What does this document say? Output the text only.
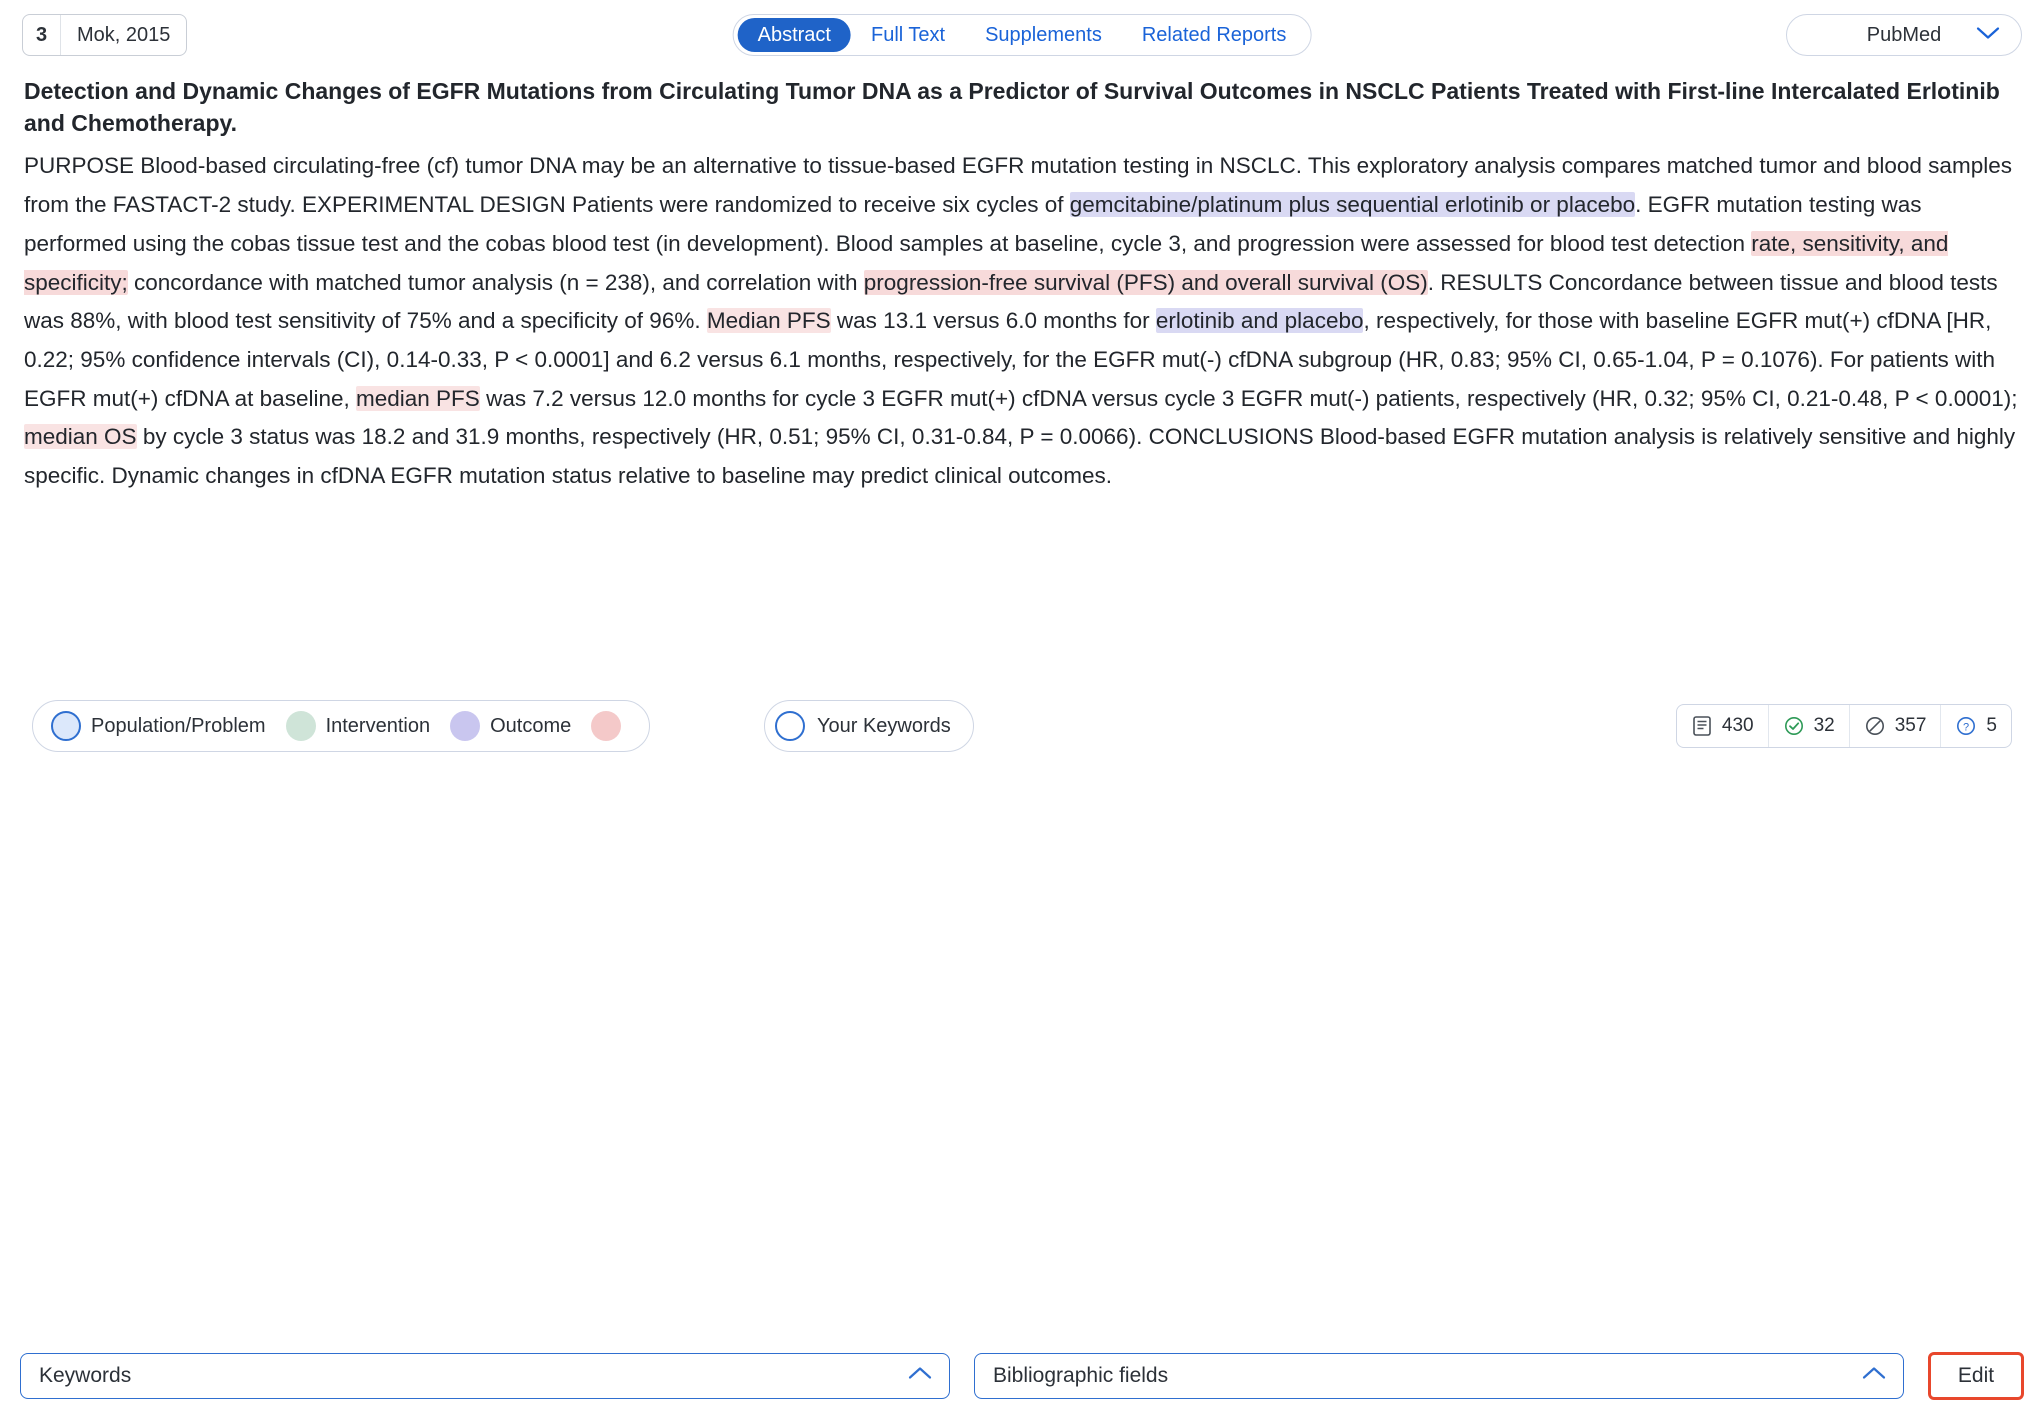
3	Mok, 2015	Abstract	Full Text	Supplements	Related Reports	PubMed
Detection and Dynamic Changes of EGFR Mutations from Circulating Tumor DNA as a Predictor of Survival Outcomes in NSCLC Patients Treated with First-line Intercalated Erlotinib and Chemotherapy.

PURPOSE Blood-based circulating-free (cf) tumor DNA may be an alternative to tissue-based EGFR mutation testing in NSCLC. This exploratory analysis compares matched tumor and blood samples from the FASTACT-2 study. EXPERIMENTAL DESIGN Patients were randomized to receive six cycles of gemcitabine/platinum plus sequential erlotinib or placebo. EGFR mutation testing was performed using the cobas tissue test and the cobas blood test (in development). Blood samples at baseline, cycle 3, and progression were assessed for blood test detection rate, sensitivity, and specificity; concordance with matched tumor analysis (n = 238), and correlation with progression-free survival (PFS) and overall survival (OS). RESULTS Concordance between tissue and blood tests was 88%, with blood test sensitivity of 75% and a specificity of 96%. Median PFS was 13.1 versus 6.0 months for erlotinib and placebo, respectively, for those with baseline EGFR mut(+) cfDNA [HR, 0.22; 95% confidence intervals (CI), 0.14-0.33, P < 0.0001] and 6.2 versus 6.1 months, respectively, for the EGFR mut(-) cfDNA subgroup (HR, 0.83; 95% CI, 0.65-1.04, P = 0.1076). For patients with EGFR mut(+) cfDNA at baseline, median PFS was 7.2 versus 12.0 months for cycle 3 EGFR mut(+) cfDNA versus cycle 3 EGFR mut(-) patients, respectively (HR, 0.32; 95% CI, 0.21-0.48, P < 0.0001); median OS by cycle 3 status was 18.2 and 31.9 months, respectively (HR, 0.51; 95% CI, 0.31-0.84, P = 0.0066). CONCLUSIONS Blood-based EGFR mutation analysis is relatively sensitive and highly specific. Dynamic changes in cfDNA EGFR mutation status relative to baseline may predict clinical outcomes.

Population/Problem	Intervention	Outcome	Your Keywords	430	32	357	? 5
Keywords	Bibliographic fields	Edit
